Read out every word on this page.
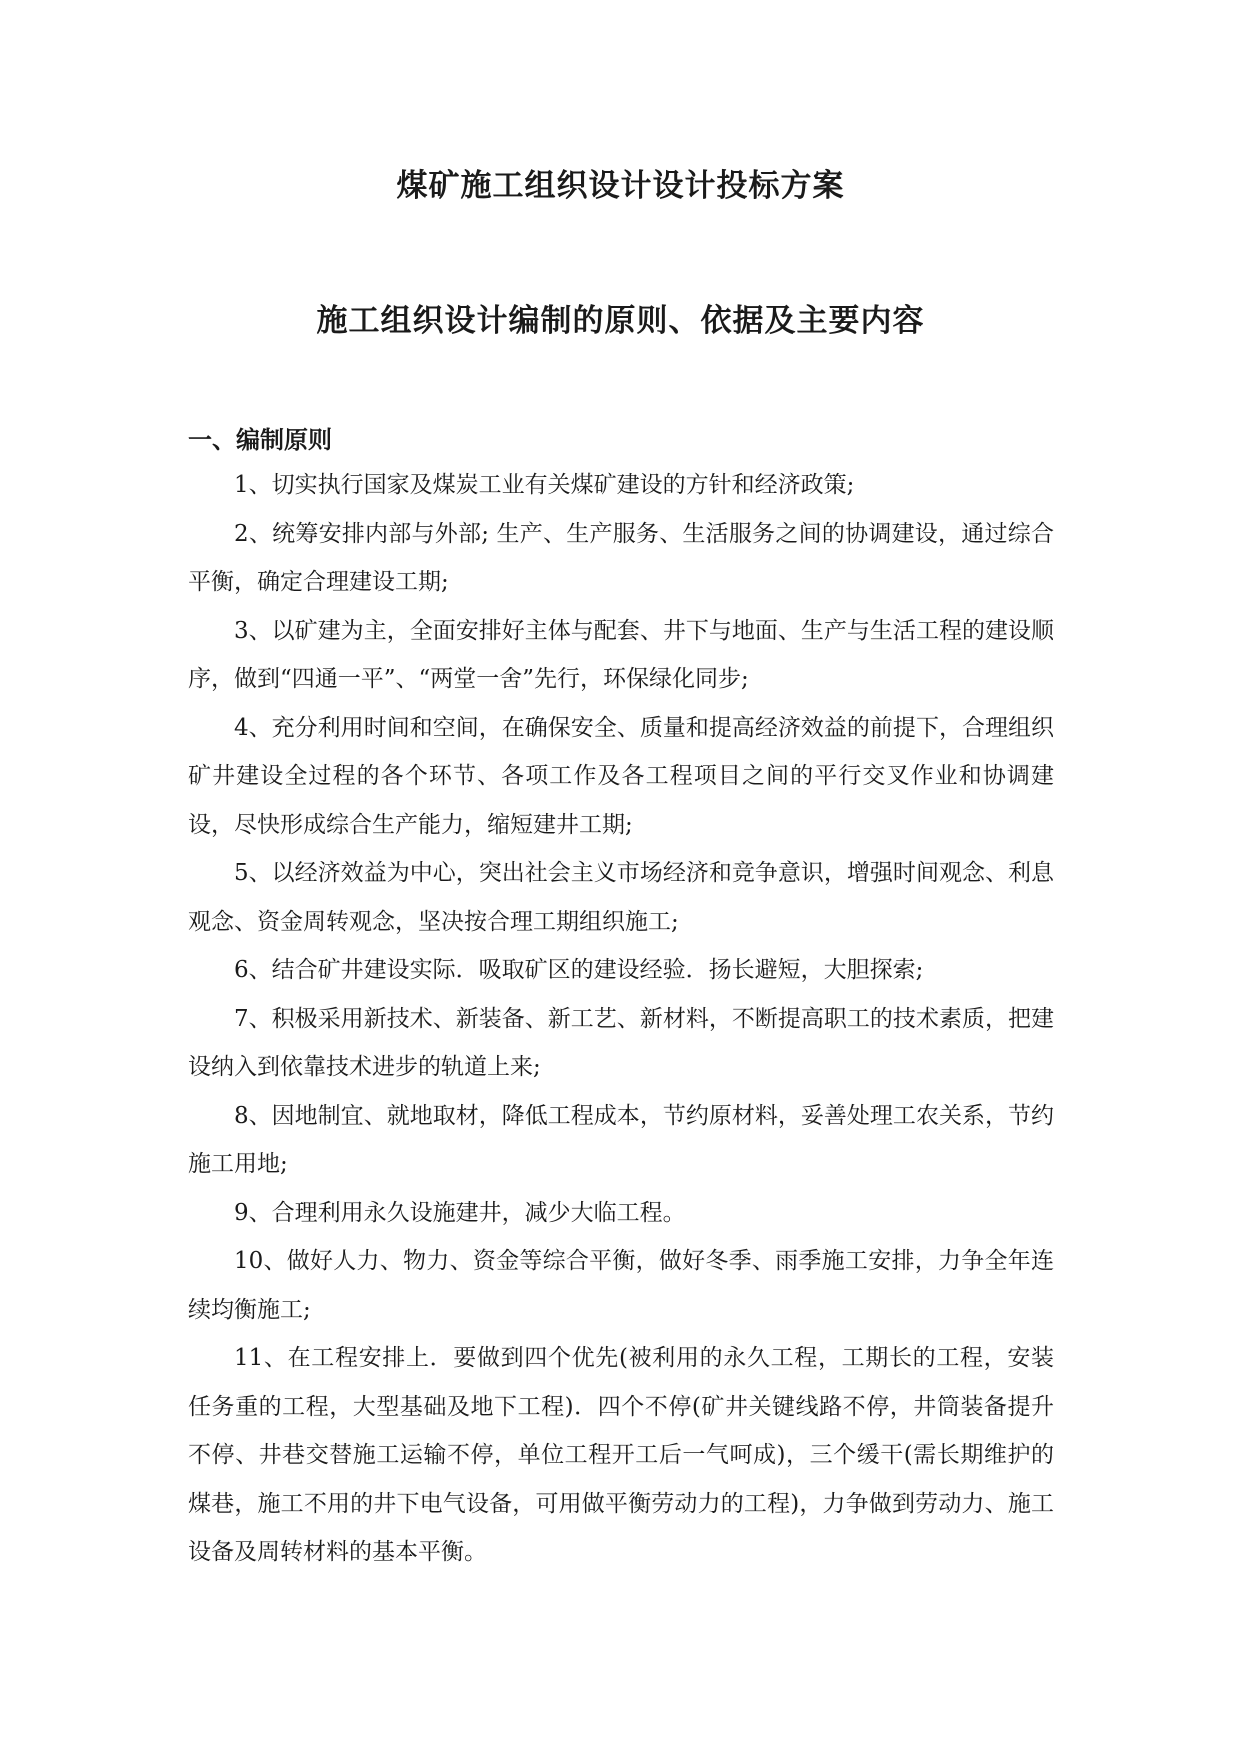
煤矿施工组织设计设计投标方案
施工组织设计编制的原则、依据及主要内容
一、编制原则

1、切实执行国家及煤炭工业有关煤矿建设的方针和经济政策;

2、统筹安排内部与外部; 生产、生产服务、生活服务之间的协调建设，通过综合平衡，确定合理建设工期;

3、以矿建为主，全面安排好主体与配套、井下与地面、生产与生活工程的建设顺序，做到“四通一平”、“两堂一舍”先行，环保绿化同步;

4、充分利用时间和空间，在确保安全、质量和提高经济效益的前提下，合理组织矿井建设全过程的各个环节、各项工作及各工程项目之间的平行交叉作业和协调建设，尽快形成综合生产能力，缩短建井工期;

5、以经济效益为中心，突出社会主义市场经济和竞争意识，增强时间观念、利息观念、资金周转观念，坚决按合理工期组织施工;

6、结合矿井建设实际．吸取矿区的建设经验．扬长避短，大胆探索;

7、积极采用新技术、新装备、新工艺、新材料，不断提高职工的技术素质，把建设纳入到依靠技术进步的轨道上来;

8、因地制宜、就地取材，降低工程成本，节约原材料，妥善处理工农关系，节约施工用地;

9、合理利用永久设施建井，减少大临工程。

10、做好人力、物力、资金等综合平衡，做好冬季、雨季施工安排，力争全年连续均衡施工;

11、在工程安排上．要做到四个优先(被利用的永久工程，工期长的工程，安装任务重的工程，大型基础及地下工程)．四个不停(矿井关键线路不停，井筒装备提升不停、井巷交替施工运输不停，单位工程开工后一气呵成)，三个缓干(需长期维护的煤巷，施工不用的井下电气设备，可用做平衡劳动力的工程)，力争做到劳动力、施工设备及周转材料的基本平衡。
